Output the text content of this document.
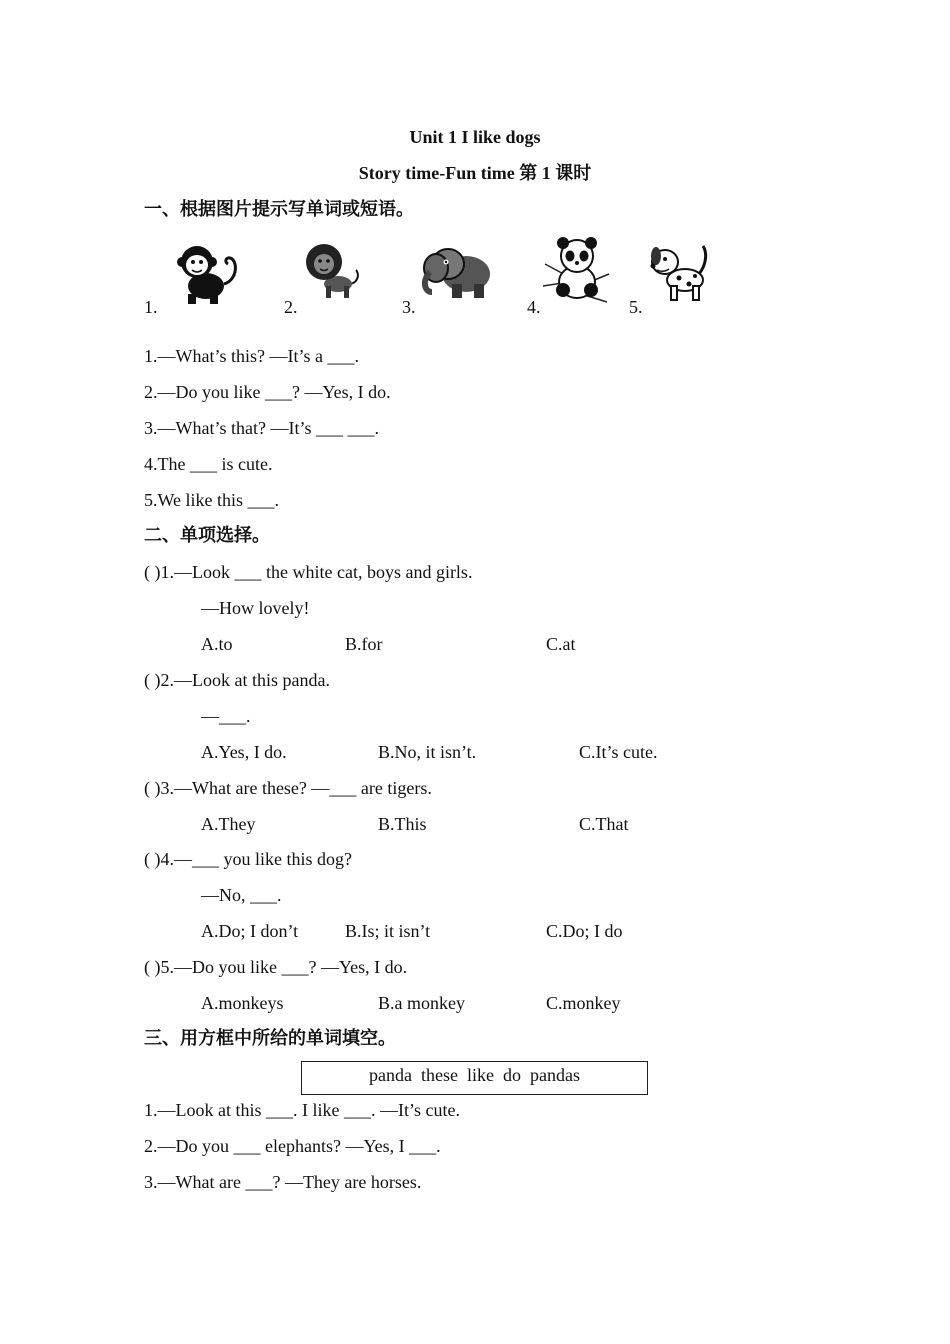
Unit 1 I like dogs
Story time-Fun time 第 1 课时
一、根据图片提示写单词或短语。
1.	2.	3.	4.	5.
1.—What’s this? —It’s a ___.
2.—Do you like ___? —Yes, I do.
3.—What’s that? —It’s ___ ___.
4.The ___ is cute.
5.We like this ___.
二、单项选择。
( )1.—Look ___ the white cat, boys and girls.
—How lovely!
A.to	B.for	C.at
( )2.—Look at this panda.
—___.
A.Yes, I do.	B.No, it isn’t.	C.It’s cute.
( )3.—What are these? —___ are tigers.
A.They	B.This	C.That
( )4.—___ you like this dog?
—No, ___.
A.Do; I don’t	B.Is; it isn’t	C.Do; I do
( )5.—Do you like ___? —Yes, I do.
A.monkeys	B.a monkey	C.monkey
三、用方框中所给的单词填空。
panda  these  like  do  pandas
1.—Look at this ___. I like ___. —It’s cute.
2.—Do you ___ elephants? —Yes, I ___.
3.—What are ___? —They are horses.
